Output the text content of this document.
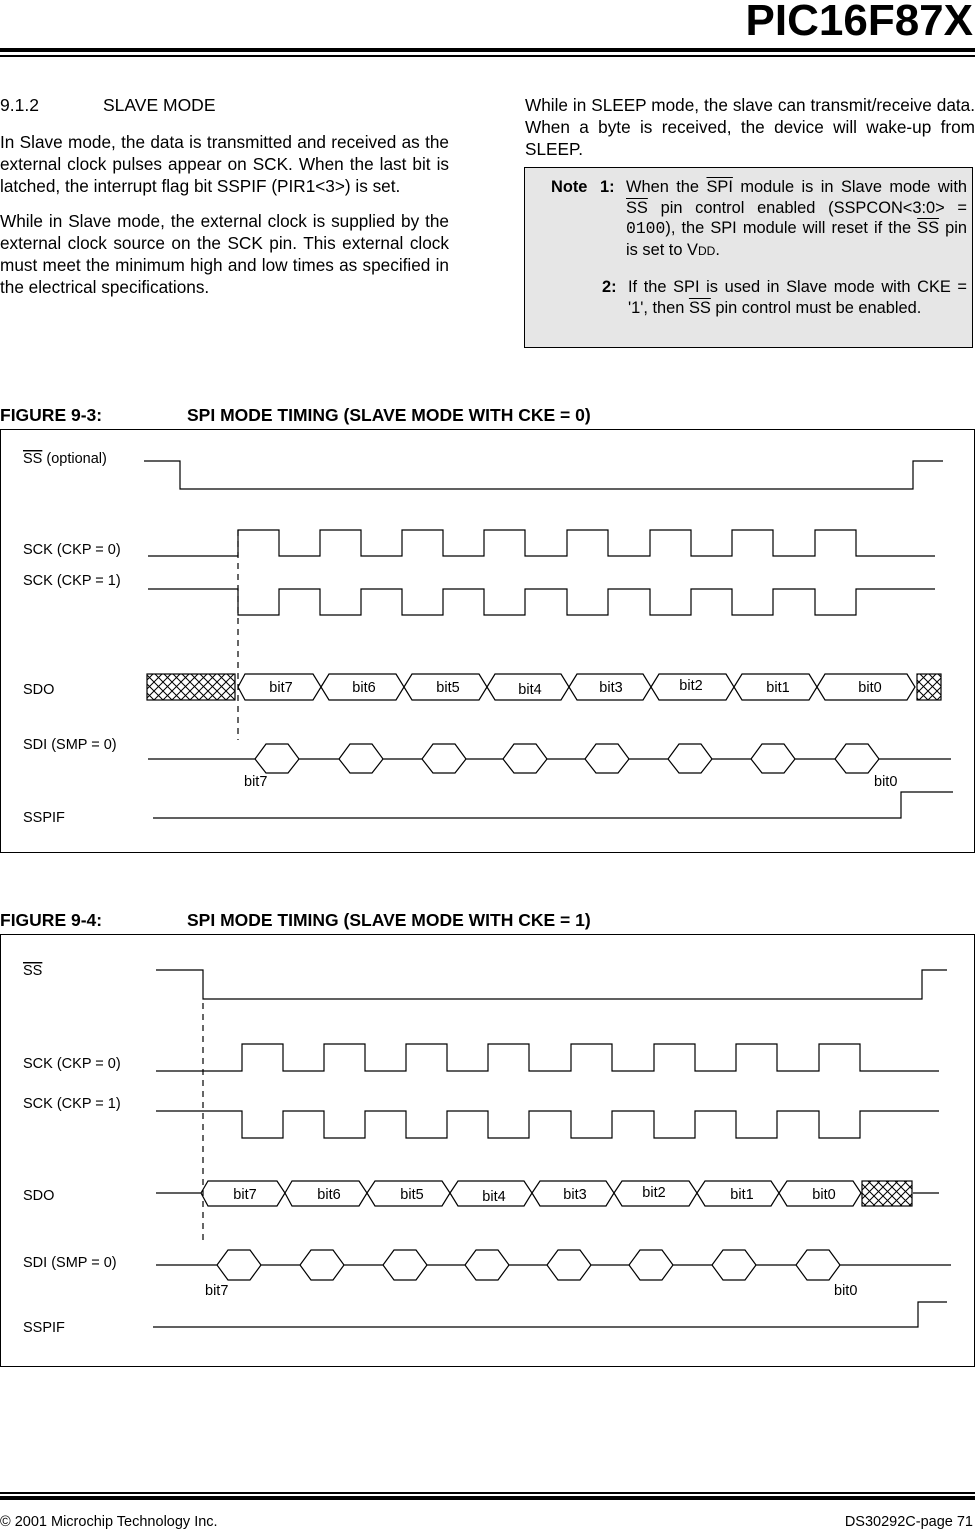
PIC16F87X
9.1.2	SLAVE MODE
In Slave mode, the data is transmitted and received as the external clock pulses appear on SCK. When the last bit is latched, the interrupt flag bit SSPIF (PIR1<3>) is set.
While in Slave mode, the external clock is supplied by the external clock source on the SCK pin. This external clock must meet the minimum high and low times as specified in the electrical specifications.
While in SLEEP mode, the slave can transmit/receive data. When a byte is received, the device will wake-up from SLEEP.
Note 1: When the $\overline{SPI}$ module is in Slave mode with $\overline{SS}$ pin control enabled (SSPCON<3:0> = 0100), the SPI module will reset if the $\overline{SS}$ pin is set to VDD.
2: If the SPI is used in Slave mode with CKE = '1', then $\overline{SS}$ pin control must be enabled.
FIGURE 9-3:	SPI MODE TIMING (SLAVE MODE WITH CKE = 0)
SS (optional)
SCK (CKP = 0)
SCK (CKP = 1)
SDO
SDI (SMP = 0)
SSPIF
bit7	bit0
bit7	bit6	bit5	bit4	bit3	bit2	bit1	bit0
FIGURE 9-4:	SPI MODE TIMING (SLAVE MODE WITH CKE = 1)
SS
SCK (CKP = 0)
SCK (CKP = 1)
SDO
SDI (SMP = 0)
SSPIF
bit7	bit0
bit7	bit6	bit5	bit4	bit3	bit2	bit1	bit0
© 2001 Microchip Technology Inc.	DS30292C-page 71
